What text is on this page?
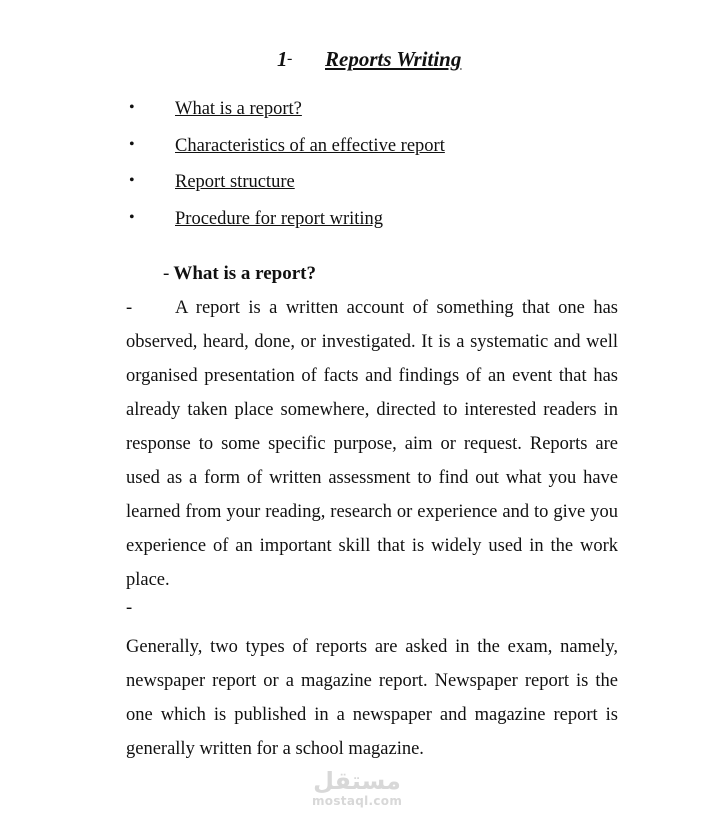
1 - Reports Writing
• What is a report?
• Characteristics of an effective report
• Report structure
• Procedure for report writing
- What is a report?

- A report is a written account of something that one has observed, heard, done, or investigated. It is a systematic and well organised presentation of facts and findings of an event that has already taken place somewhere, directed to interested readers in response to some specific purpose, aim or request. Reports are used as a form of written assessment to find out what you have learned from your reading, research or experience and to give you experience of an important skill that is widely used in the work place.

-

Generally, two types of reports are asked in the exam, namely, newspaper report or a magazine report. Newspaper report is the one which is published in a newspaper and magazine report is generally written for a school magazine.

مستقل
mostaql.com
